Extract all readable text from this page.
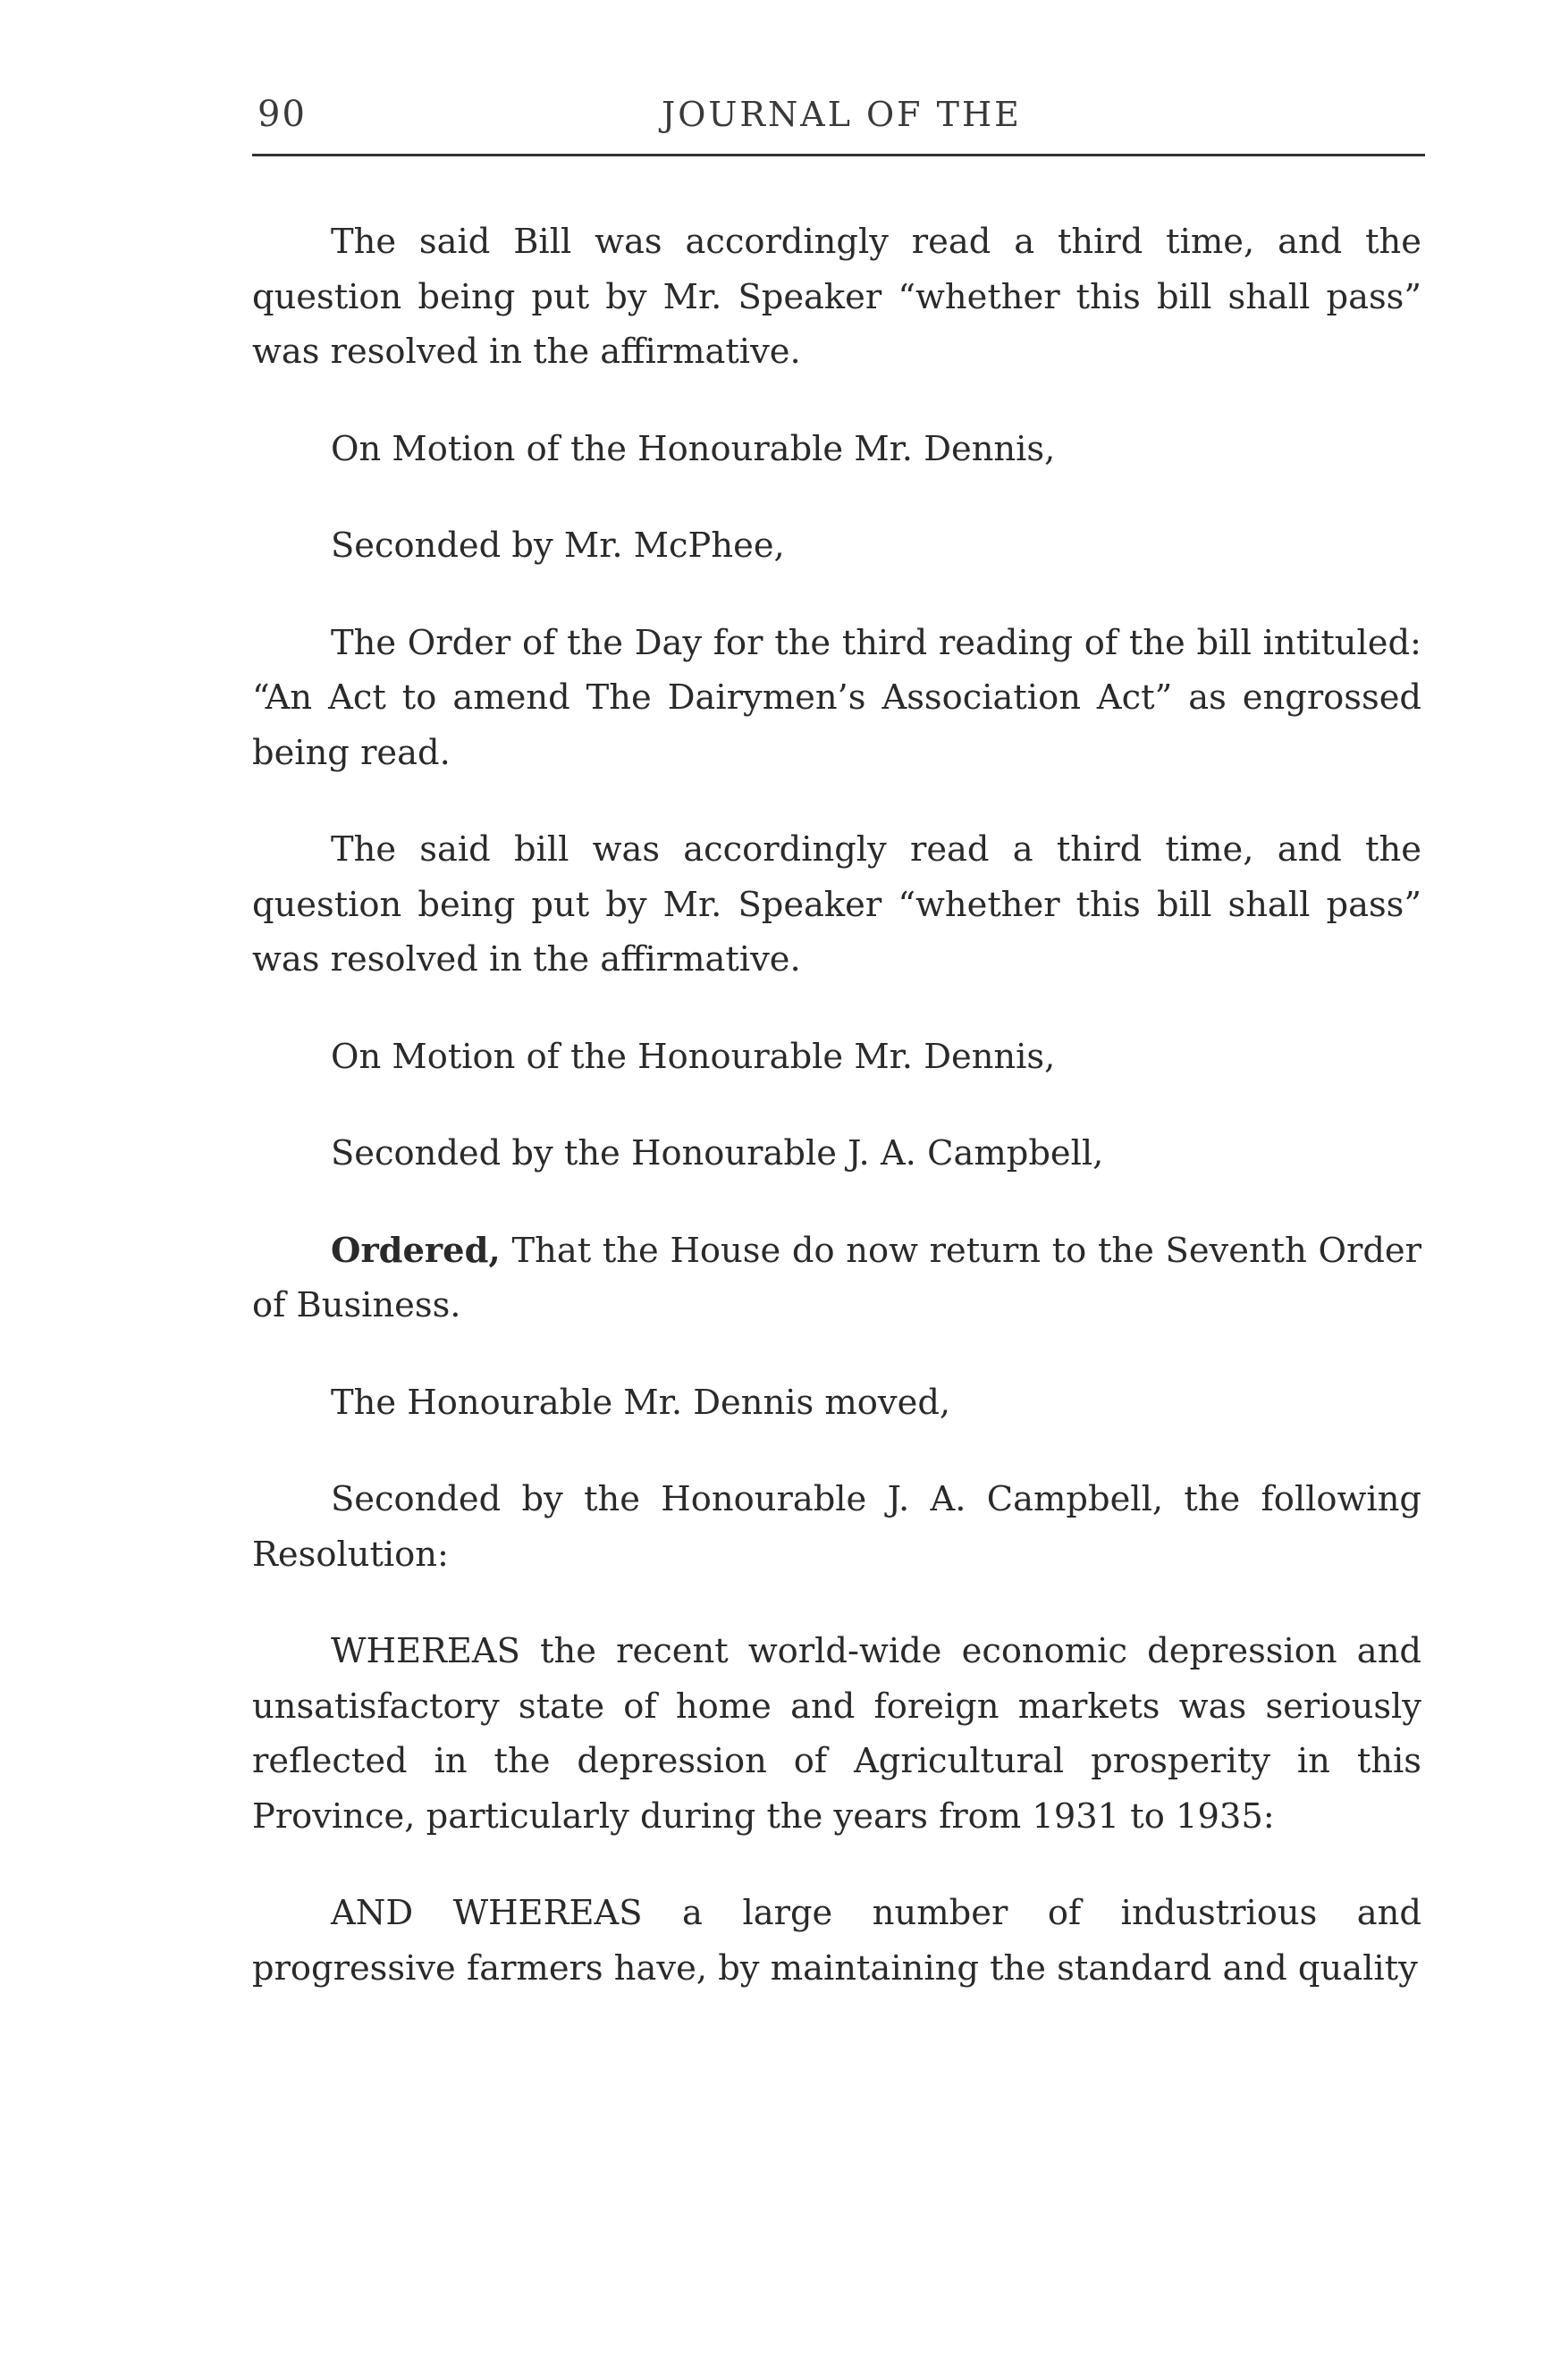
90	JOURNAL OF THE

The said Bill was accordingly read a third time, and the question being put by Mr. Speaker “whether this bill shall pass” was resolved in the affirmative.

On Motion of the Honourable Mr. Dennis,

Seconded by Mr. McPhee,

The Order of the Day for the third reading of the bill intituled: “An Act to amend The Dairymen’s Association Act” as engrossed being read.

The said bill was accordingly read a third time, and the question being put by Mr. Speaker “whether this bill shall pass” was resolved in the affirmative.

On Motion of the Honourable Mr. Dennis,

Seconded by the Honourable J. A. Campbell,

Ordered, That the House do now return to the Seventh Order of Business.

The Honourable Mr. Dennis moved,

Seconded by the Honourable J. A. Campbell, the following Resolution:

WHEREAS the recent world-wide economic depression and unsatisfactory state of home and foreign markets was seriously reflected in the depression of Agricultural prosperity in this Province, particularly during the years from 1931 to 1935:

AND WHEREAS a large number of industrious and progressive farmers have, by maintaining the standard and quality
